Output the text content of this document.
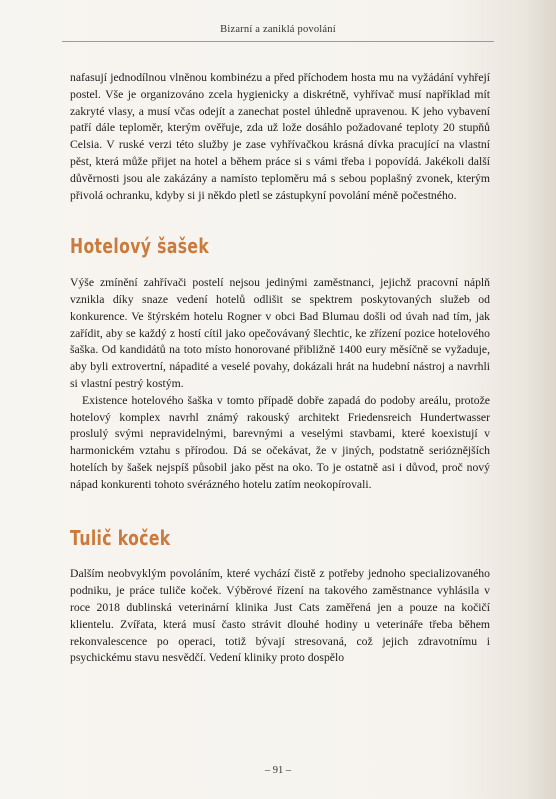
Bizarní a zaniklá povolání

nafasují jednodílnou vlněnou kombinézu a před příchodem hosta mu na vyžádání vyhřejí postel. Vše je organizováno zcela hygienicky a diskrétně, vyhřívač musí například mít zakryté vlasy, a musí včas odejít a zanechat postel úhledně upravenou. K jeho vybavení patří dále teploměr, kterým ověřuje, zda už lože dosáhlo požadované teploty 20 stupňů Celsia. V ruské verzi této služby je zase vyhřívačkou krásná dívka pracující na vlastní pěst, která může přijet na hotel a během práce si s vámi třeba i popovídá. Jakékoli další důvěrnosti jsou ale zakázány a namísto teploměru má s sebou poplašný zvonek, kterým přivolá ochranku, kdyby si ji někdo pletl se zástupkyní povolání méně počestného.

Hotelový šašek

Výše zmínění zahřívači postelí nejsou jedinými zaměstnanci, jejichž pracovní náplň vznikla díky snaze vedení hotelů odlišit se spektrem poskytovaných služeb od konkurence. Ve štýrském hotelu Rogner v obci Bad Blumau došli od úvah nad tím, jak zařídit, aby se každý z hostí cítil jako opečovávaný šlechtic, ke zřízení pozice hotelového šaška. Od kandidátů na toto místo honorované přibližně 1400 eury měsíčně se vyžaduje, aby byli extrovertní, nápadité a veselé povahy, dokázali hrát na hudební nástroj a navrhli si vlastní pestrý kostým.

Existence hotelového šaška v tomto případě dobře zapadá do podoby areálu, protože hotelový komplex navrhl známý rakouský architekt Friedensreich Hundertwasser proslulý svými nepravidelnými, barevnými a veselými stavbami, které koexistují v harmonickém vztahu s přírodou. Dá se očekávat, že v jiných, podstatně serióznějších hotelích by šašek nejspíš působil jako pěst na oko. To je ostatně asi i důvod, proč nový nápad konkurenti tohoto svérázného hotelu zatím neokopírovali.

Tulič koček

Dalším neobvyklým povoláním, které vychází čistě z potřeby jednoho specializovaného podniku, je práce tuliče koček. Výběrové řízení na takového zaměstnance vyhlásila v roce 2018 dublinská veterinární klinika Just Cats zaměřená jen a pouze na kočičí klientelu. Zvířata, která musí často strávit dlouhé hodiny u veterináře třeba během rekonvalescence po operaci, totiž bývají stresovaná, což jejich zdravotnímu i psychickému stavu nesvědčí. Vedení kliniky proto dospělo

– 91 –
